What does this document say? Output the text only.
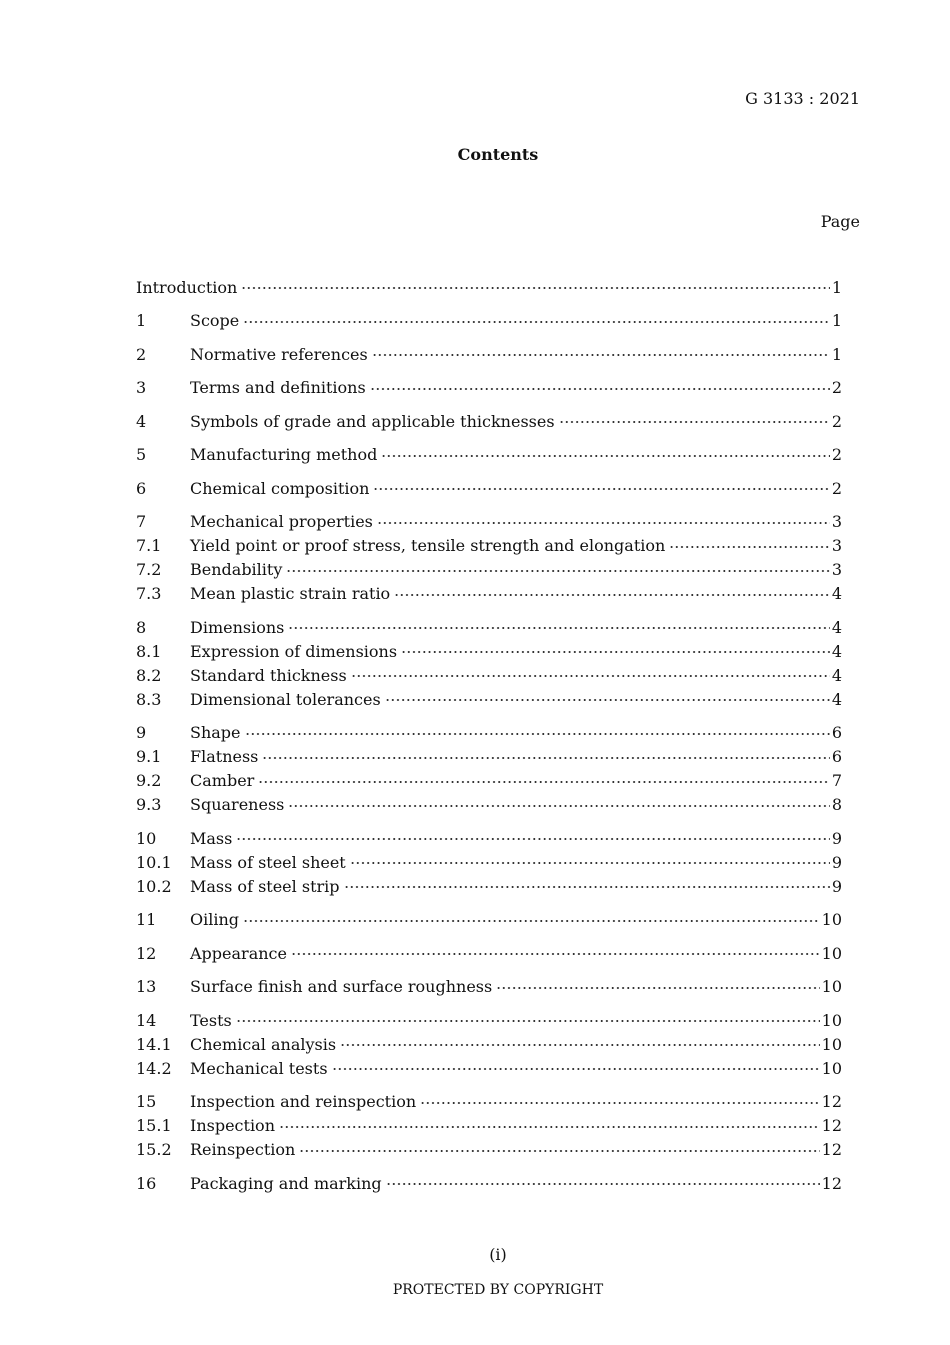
G 3133 : 2021
Contents
Page
Introduction	1
1	Scope	1
2	Normative references	1
3	Terms and definitions	2
4	Symbols of grade and applicable thicknesses	2
5	Manufacturing method	2
6	Chemical composition	2
7	Mechanical properties	3
7.1	Yield point or proof stress, tensile strength and elongation	3
7.2	Bendability	3
7.3	Mean plastic strain ratio	4
8	Dimensions	4
8.1	Expression of dimensions	4
8.2	Standard thickness	4
8.3	Dimensional tolerances	4
9	Shape	6
9.1	Flatness	6
9.2	Camber	7
9.3	Squareness	8
10	Mass	9
10.1	Mass of steel sheet	9
10.2	Mass of steel strip	9
11	Oiling	10
12	Appearance	10
13	Surface finish and surface roughness	10
14	Tests	10
14.1	Chemical analysis	10
14.2	Mechanical tests	10
15	Inspection and reinspection	12
15.1	Inspection	12
15.2	Reinspection	12
16	Packaging and marking	12
(i)
PROTECTED BY COPYRIGHT
